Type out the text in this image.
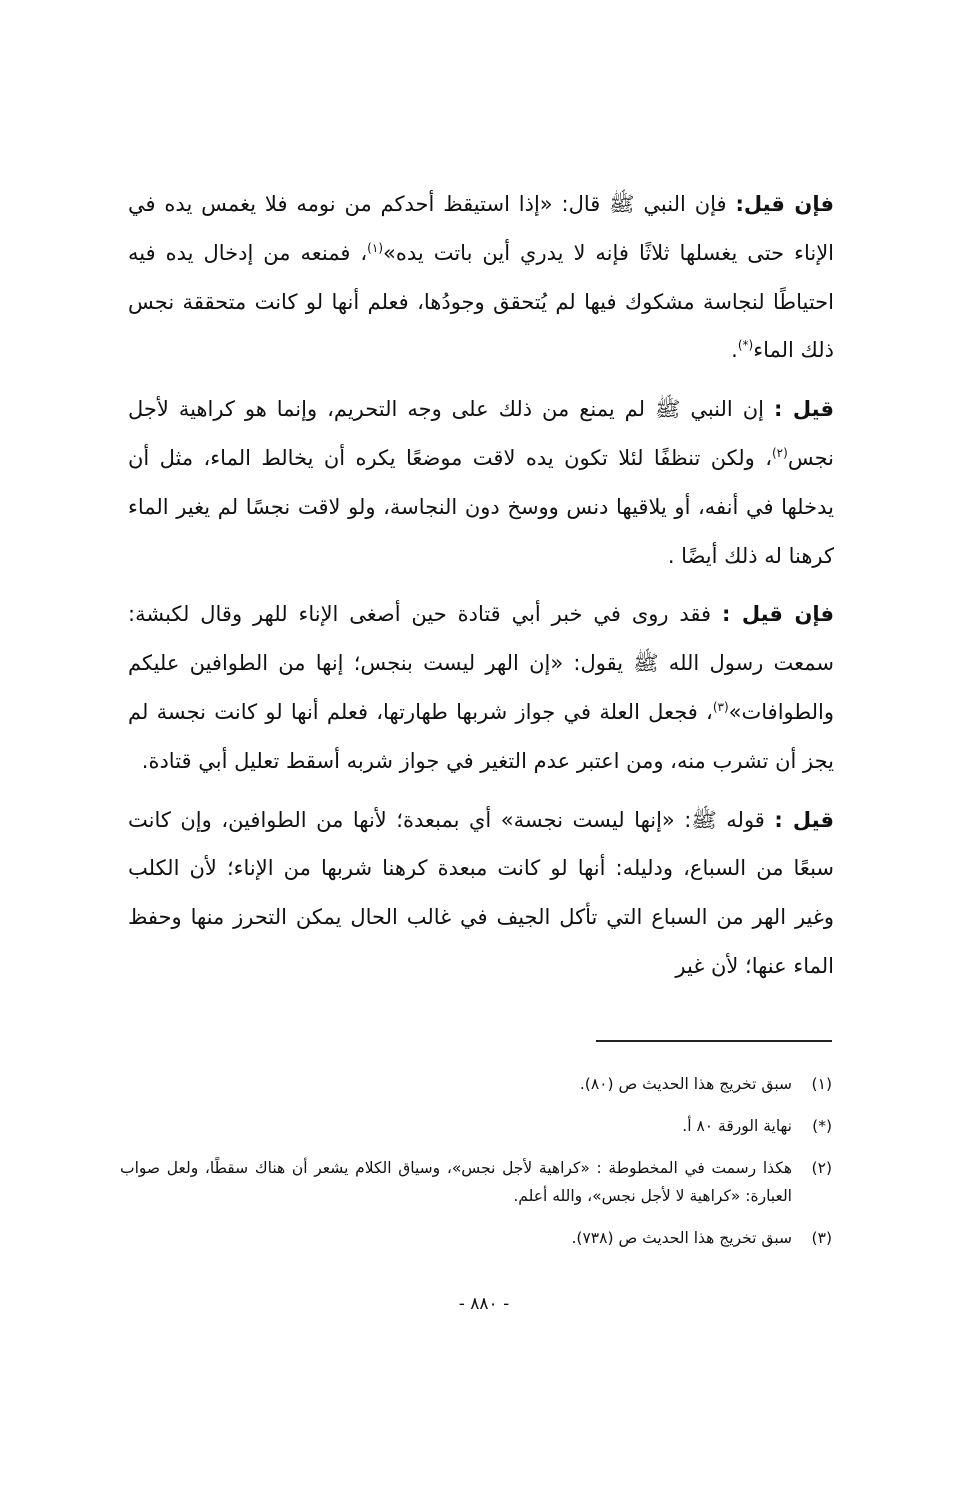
فإن قيل: فإن النبي ﷺ قال: «إذا استيقظ أحدكم من نومه فلا يغمس يده في الإناء حتى يغسلها ثلاثًا فإنه لا يدري أين باتت يده»$^{(١)}$، فمنعه من إدخال يده فيه احتياطًا لنجاسة مشكوك فيها لم يُتحقق وجودُها، فعلم أنها لو كانت متحققة نجس ذلك الماء(*).

قيل : إن النبي ﷺ لم يمنع من ذلك على وجه التحريم، وإنما هو كراهية لأجل نجس$^{(٢)}$، ولكن تنظفًا لئلا تكون يده لاقت موضعًا يكره أن يخالط الماء، مثل أن يدخلها في أنفه، أو يلاقيها دنس ووسخ دون النجاسة، ولو لاقت نجسًا لم يغير الماء كرهنا له ذلك أيضًا .

فإن قيل : فقد روى في خبر أبي قتادة حين أصغى الإناء للهر وقال لكبشة: سمعت رسول الله ﷺ يقول: «إن الهر ليست بنجس؛ إنها من الطوافين عليكم والطوافات»$^{(٣)}$، فجعل العلة في جواز شربها طهارتها، فعلم أنها لو كانت نجسة لم يجز أن تشرب منه، ومن اعتبر عدم التغير في جواز شربه أسقط تعليل أبي قتادة.

قيل : قوله ﷺ: «إنها ليست نجسة» أي بمبعدة؛ لأنها من الطوافين، وإن كانت سبعًا من السباع، ودليله: أنها لو كانت مبعدة كرهنا شربها من الإناء؛ لأن الكلب وغير الهر من السباع التي تأكل الجيف في غالب الحال يمكن التحرز منها وحفظ الماء عنها؛ لأن غير

(١)
سبق تخريج هذا الحديث ص (٨٠).
(*)
نهاية الورقة ٨٠ أ.
(٢)
هكذا رسمت في المخطوطة : «كراهية لأجل نجس»، وسياق الكلام يشعر أن هناك سقطًا، ولعل صواب العبارة: «كراهية لا لأجل نجس»، والله أعلم.
(٣)
سبق تخريج هذا الحديث ص (٧٣٨).
- ٨٨٠ -
